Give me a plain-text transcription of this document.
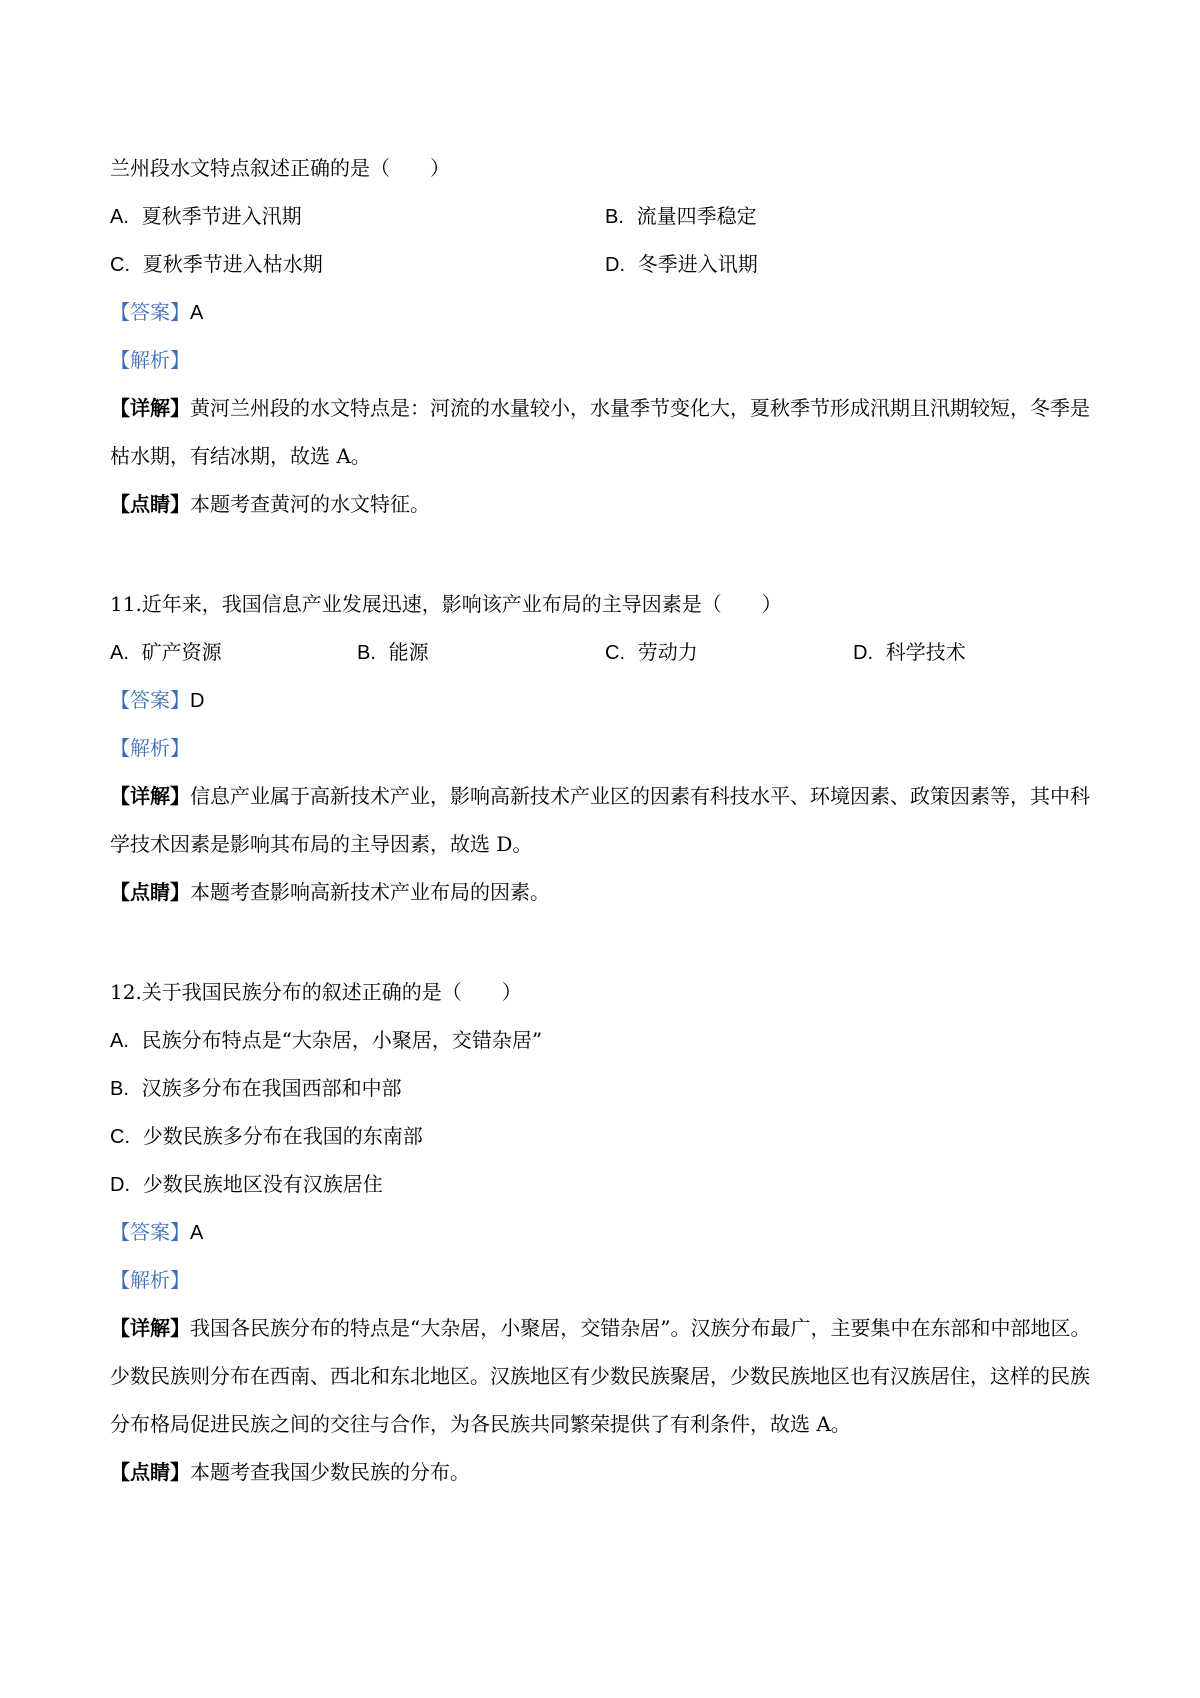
兰州段水文特点叙述正确的是（　　）
A. 夏秋季节进入汛期	B. 流量四季稳定
C. 夏秋季节进入枯水期	D. 冬季进入讯期
【答案】A
【解析】
【详解】黄河兰州段的水文特点是：河流的水量较小，水量季节变化大，夏秋季节形成汛期且汛期较短，冬季是枯水期，有结冰期，故选 A。
【点睛】本题考查黄河的水文特征。
11.近年来，我国信息产业发展迅速，影响该产业布局的主导因素是（　　）
A. 矿产资源	B. 能源	C. 劳动力	D. 科学技术
【答案】D
【解析】
【详解】信息产业属于高新技术产业，影响高新技术产业区的因素有科技水平、环境因素、政策因素等，其中科学技术因素是影响其布局的主导因素，故选 D。
【点睛】本题考查影响高新技术产业布局的因素。
12.关于我国民族分布的叙述正确的是（　　）
A. 民族分布特点是“大杂居，小聚居，交错杂居”
B. 汉族多分布在我国西部和中部
C. 少数民族多分布在我国的东南部
D. 少数民族地区没有汉族居住
【答案】A
【解析】
【详解】我国各民族分布的特点是“大杂居，小聚居，交错杂居”。汉族分布最广，主要集中在东部和中部地区。少数民族则分布在西南、西北和东北地区。汉族地区有少数民族聚居，少数民族地区也有汉族居住，这样的民族分布格局促进民族之间的交往与合作，为各民族共同繁荣提供了有利条件，故选 A。
【点睛】本题考查我国少数民族的分布。
